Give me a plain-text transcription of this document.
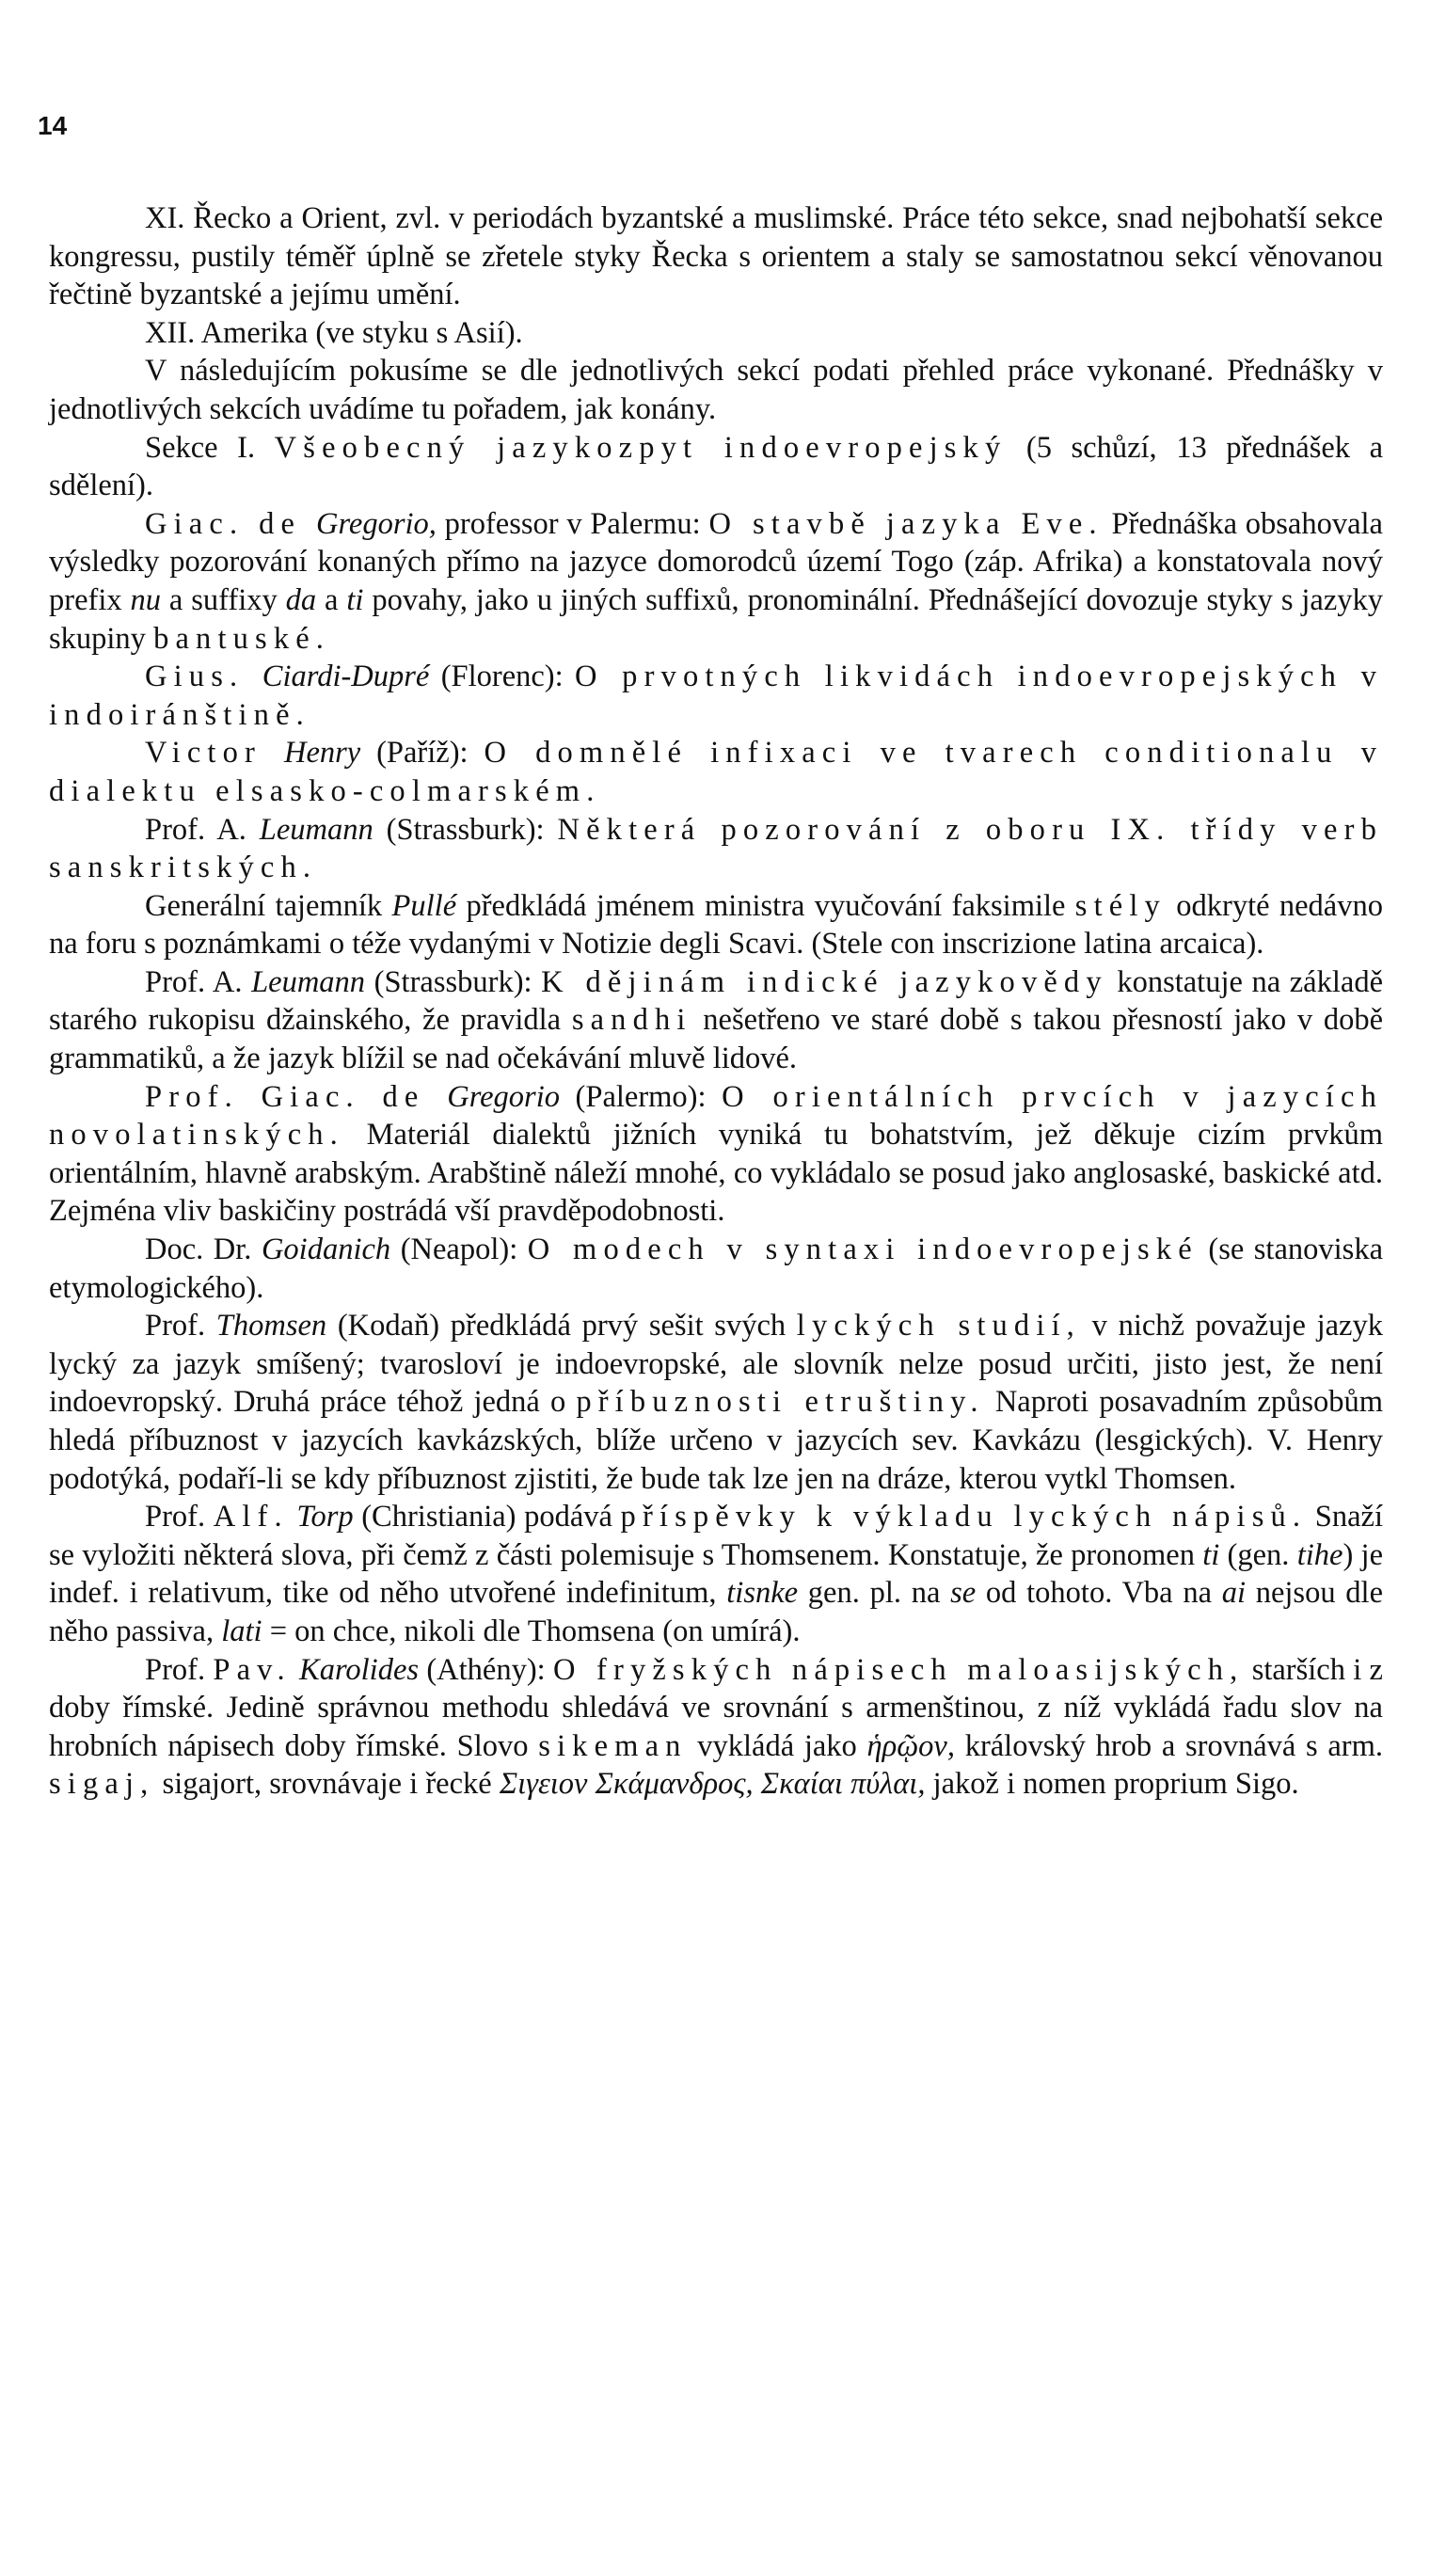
14

XI. Řecko a Orient, zvl. v periodách byzantské a muslimské. Práce této sekce, snad nejbohatší sekce kongressu, pustily téměř úplně se zřetele styky Řecka s orientem a staly se samostatnou sekcí věnovanou řečtině byzantské a jejímu umění.

XII. Amerika (ve styku s Asií).

V následujícím pokusíme se dle jednotlivých sekcí podati přehled práce vykonané. Přednášky v jednotlivých sekcích uvádíme tu pořadem, jak konány.

Sekce I. Všeobecný jazykozpyt indoevropejský (5 schůzí, 13 přednášek a sdělení).

Giac. de Gregorio, professor v Palermu: O stavbě jazyka Eve. Přednáška obsahovala výsledky pozorování konaných přímo na jazyce domorodců území Togo (záp. Afrika) a konstatovala nový prefix nu a suffixy da a ti povahy, jako u jiných suffixů, pronominální. Přednášející dovozuje styky s jazyky skupiny bantuské.

Gius. Ciardi-Dupré (Florenc): O prvotných likvidách indoevropejských v indoiránštině.

Victor Henry (Paříž): O domnělé infixaci ve tvarech conditionalu v dialektu elsasko-colmarském.

Prof. A. Leumann (Strassburk): Některá pozorování z oboru IX. třídy verb sanskritských.

Generální tajemník Pullé předkládá jménem ministra vyučování faksimile stély odkryté nedávno na foru s poznámkami o téže vydanými v Notizie degli Scavi. (Stele con inscrizione latina arcaica).

Prof. A. Leumann (Strassburk): K dějinám indické jazykovědy konstatuje na základě starého rukopisu džainského, že pravidla sandhi nešetřeno ve staré době s takou přesností jako v době grammatiků, a že jazyk blížil se nad očekávání mluvě lidové.

Prof. Giac. de Gregorio (Palermo): O orientálních prvcích v jazycích novolatinských. Materiál dialektů jižních vyniká tu bohatstvím, jež děkuje cizím prvkům orientálním, hlavně arabským. Arabštině náleží mnohé, co vykládalo se posud jako anglosaské, baskické atd. Zejména vliv baskičiny postrádá vší pravděpodobnosti.

Doc. Dr. Goidanich (Neapol): O modech v syntaxi indoevropejské (se stanoviska etymologického).

Prof. Thomsen (Kodaň) předkládá prvý sešit svých lyckých studií, v nichž považuje jazyk lycký za jazyk smíšený; tvarosloví je indoevropské, ale slovník nelze posud určiti, jisto jest, že není indoevropský. Druhá práce téhož jedná o příbuznosti etruštiny. Naproti posavadním způsobům hledá příbuznost v jazycích kavkázských, blíže určeno v jazycích sev. Kavkázu (lesgických). V. Henry podotýká, podaří-li se kdy příbuznost zjistiti, že bude tak lze jen na dráze, kterou vytkl Thomsen.

Prof. Alf. Torp (Christiania) podává příspěvky k výkladu lyckých nápisů. Snaží se vyložiti některá slova, při čemž z části polemisuje s Thomsenem. Konstatuje, že pronomen ti (gen. tihe) je indef. i relativum, tike od něho utvořené indefinitum, tisnke gen. pl. na se od tohoto. Vba na ai nejsou dle něho passiva, lati = on chce, nikoli dle Thomsena (on umírá).

Prof. Pav. Karolides (Athény): O fryžských nápisech maloasijských, starších i z doby římské. Jedině správnou methodu shledává ve srovnání s armenštinou, z níž vykládá řadu slov na hrobních nápisech doby římské. Slovo sikeman vykládá jako ἡρῷον, královský hrob a srovnává s arm. sigaj, sigajort, srovnávaje i řecké Σιγειον Σκάμανδρος, Σκαίαι πύλαι, jakož i nomen proprium Sigo.
